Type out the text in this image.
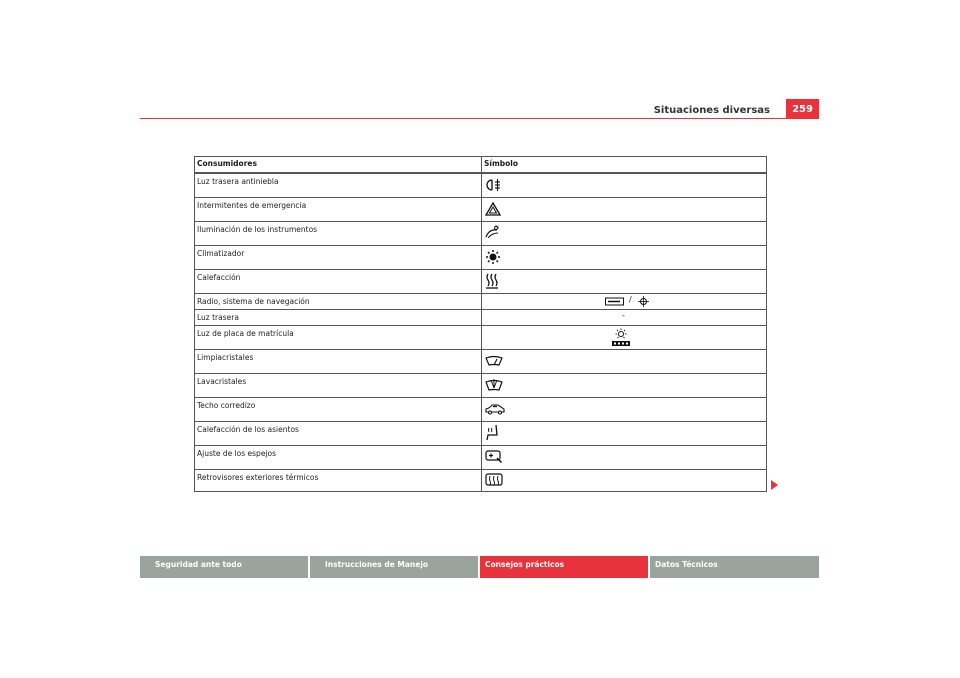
Situaciones diversas	259
Consumidores	Símbolo
Luz trasera antiniebla
Intermitentes de emergencia
Iluminación de los instrumentos
Climatizador
Calefacción
Radio, sistema de navegación	/
Luz trasera	-
Luz de placa de matrícula
Limpiacristales
Lavacristales
Techo corredizo
Calefacción de los asientos
Ajuste de los espejos
Retrovisores exteriores térmicos
Seguridad ante todo	Instrucciones de Manejo	Consejos prácticos	Datos Técnicos
